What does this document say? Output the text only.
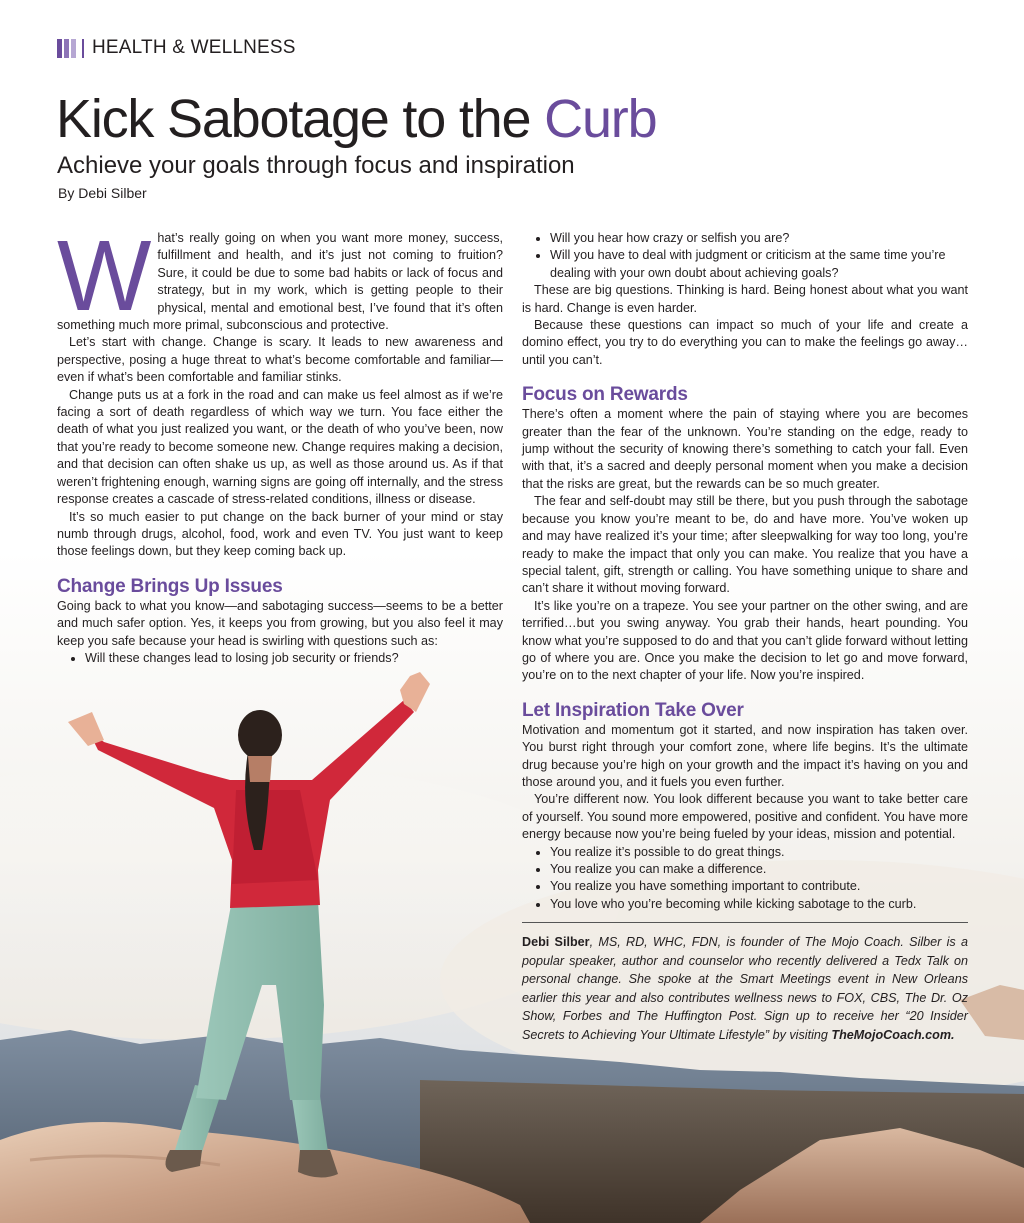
HEALTH & WELLNESS
Kick Sabotage to the Curb
Achieve your goals through focus and inspiration
By Debi Silber

What’s really going on when you want more money, success, fulfillment and health, and it’s just not coming to fruition? Sure, it could be due to some bad habits or lack of focus and strategy, but in my work, which is getting people to their physical, mental and emotional best, I’ve found that it’s often something much more primal, subconscious and protective.

Let’s start with change. Change is scary. It leads to new awareness and perspective, posing a huge threat to what’s become comfortable and familiar—even if what’s been comfortable and familiar stinks.

Change puts us at a fork in the road and can make us feel almost as if we’re facing a sort of death regardless of which way we turn. You face either the death of what you just realized you want, or the death of who you’ve been, now that you’re ready to become someone new. Change requires making a decision, and that decision can often shake us up, as well as those around us. As if that weren’t frightening enough, warning signs are going off internally, and the stress response creates a cascade of stress-related conditions, illness or disease.

It’s so much easier to put change on the back burner of your mind or stay numb through drugs, alcohol, food, work and even TV. You just want to keep those feelings down, but they keep coming back up.

Change Brings Up Issues

Going back to what you know—and sabotaging success—seems to be a better and much safer option. Yes, it keeps you from growing, but you also feel it may keep you safe because your head is swirling with questions such as:

• Will these changes lead to losing job security or friends?
• Will you hear how crazy or selfish you are?
• Will you have to deal with judgment or criticism at the same time you’re dealing with your own doubt about achieving goals?

These are big questions. Thinking is hard. Being honest about what you want is hard. Change is even harder.

Because these questions can impact so much of your life and create a domino effect, you try to do everything you can to make the feelings go away… until you can’t.

Focus on Rewards

There’s often a moment where the pain of staying where you are becomes greater than the fear of the unknown. You’re standing on the edge, ready to jump without the security of knowing there’s something to catch your fall. Even with that, it’s a sacred and deeply personal moment when you make a decision that the risks are great, but the rewards can be so much greater.

The fear and self-doubt may still be there, but you push through the sabotage because you know you’re meant to be, do and have more. You’ve woken up and may have realized it’s your time; after sleepwalking for way too long, you’re ready to make the impact that only you can make. You realize that you have a special talent, gift, strength or calling. You have something unique to share and can’t share it without moving forward.

It’s like you’re on a trapeze. You see your partner on the other swing, and are terrified…but you swing anyway. You grab their hands, heart pounding. You know what you’re supposed to do and that you can’t glide forward without letting go of where you are. Once you make the decision to let go and move forward, you’re on to the next chapter of your life. Now you’re inspired.

Let Inspiration Take Over

Motivation and momentum got it started, and now inspiration has taken over. You burst right through your comfort zone, where life begins. It’s the ultimate drug because you’re high on your growth and the impact it’s having on you and those around you, and it fuels you even further.

You’re different now. You look different because you want to take better care of yourself. You sound more empowered, positive and confident. You have more energy because now you’re being fueled by your ideas, mission and potential.

• You realize it’s possible to do great things.
• You realize you can make a difference.
• You realize you have something important to contribute.
• You love who you’re becoming while kicking sabotage to the curb.
Debi Silber, MS, RD, WHC, FDN, is founder of The Mojo Coach. Silber is a popular speaker, author and counselor who recently delivered a Tedx Talk on personal change. She spoke at the Smart Meetings event in New Orleans earlier this year and also contributes wellness news to FOX, CBS, The Dr. Oz Show, Forbes and The Huffington Post. Sign up to receive her “20 Insider Secrets to Achieving Your Ultimate Lifestyle” by visiting TheMojoCoach.com.
